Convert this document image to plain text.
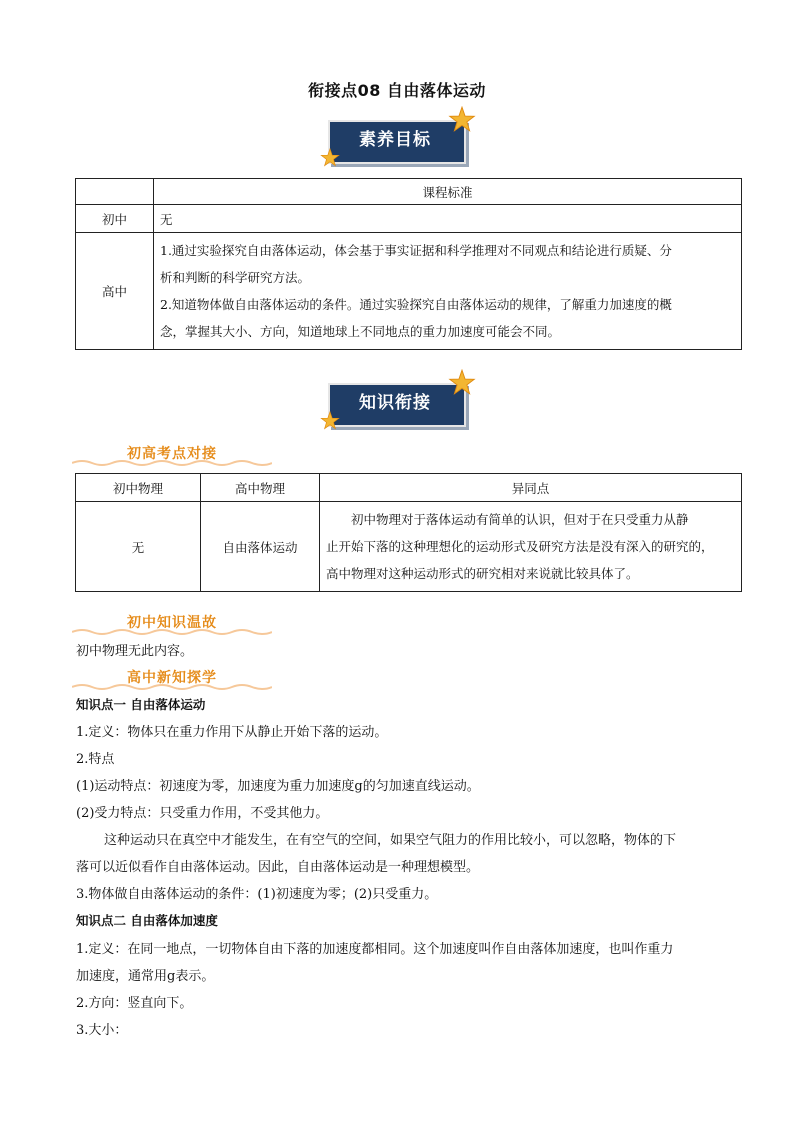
衔接点08 自由落体运动
素养目标
	课程标准
初中	无
高中	1.通过实验探究自由落体运动，体会基于事实证据和科学推理对不同观点和结论进行质疑、分
析和判断的科学研究方法。
2.知道物体做自由落体运动的条件。通过实验探究自由落体运动的规律，了解重力加速度的概
念，掌握其大小、方向，知道地球上不同地点的重力加速度可能会不同。
知识衔接
初高考点对接
初中物理	高中物理	异同点
无	自由落体运动	初中物理对于落体运动有简单的认识，但对于在只受重力从静
止开始下落的这种理想化的运动形式及研究方法是没有深入的研究的，
高中物理对这种运动形式的研究相对来说就比较具体了。
初中知识温故
初中物理无此内容。
高中新知探学
知识点一 自由落体运动
1.定义：物体只在重力作用下从静止开始下落的运动。
2.特点
(1)运动特点：初速度为零，加速度为重力加速度g的匀加速直线运动。
(2)受力特点：只受重力作用，不受其他力。
这种运动只在真空中才能发生，在有空气的空间，如果空气阻力的作用比较小，可以忽略，物体的下
落可以近似看作自由落体运动。因此，自由落体运动是一种理想模型。
3.物体做自由落体运动的条件：(1)初速度为零；(2)只受重力。
知识点二 自由落体加速度
1.定义：在同一地点，一切物体自由下落的加速度都相同。这个加速度叫作自由落体加速度，也叫作重力
加速度，通常用g表示。
2.方向：竖直向下。
3.大小：
